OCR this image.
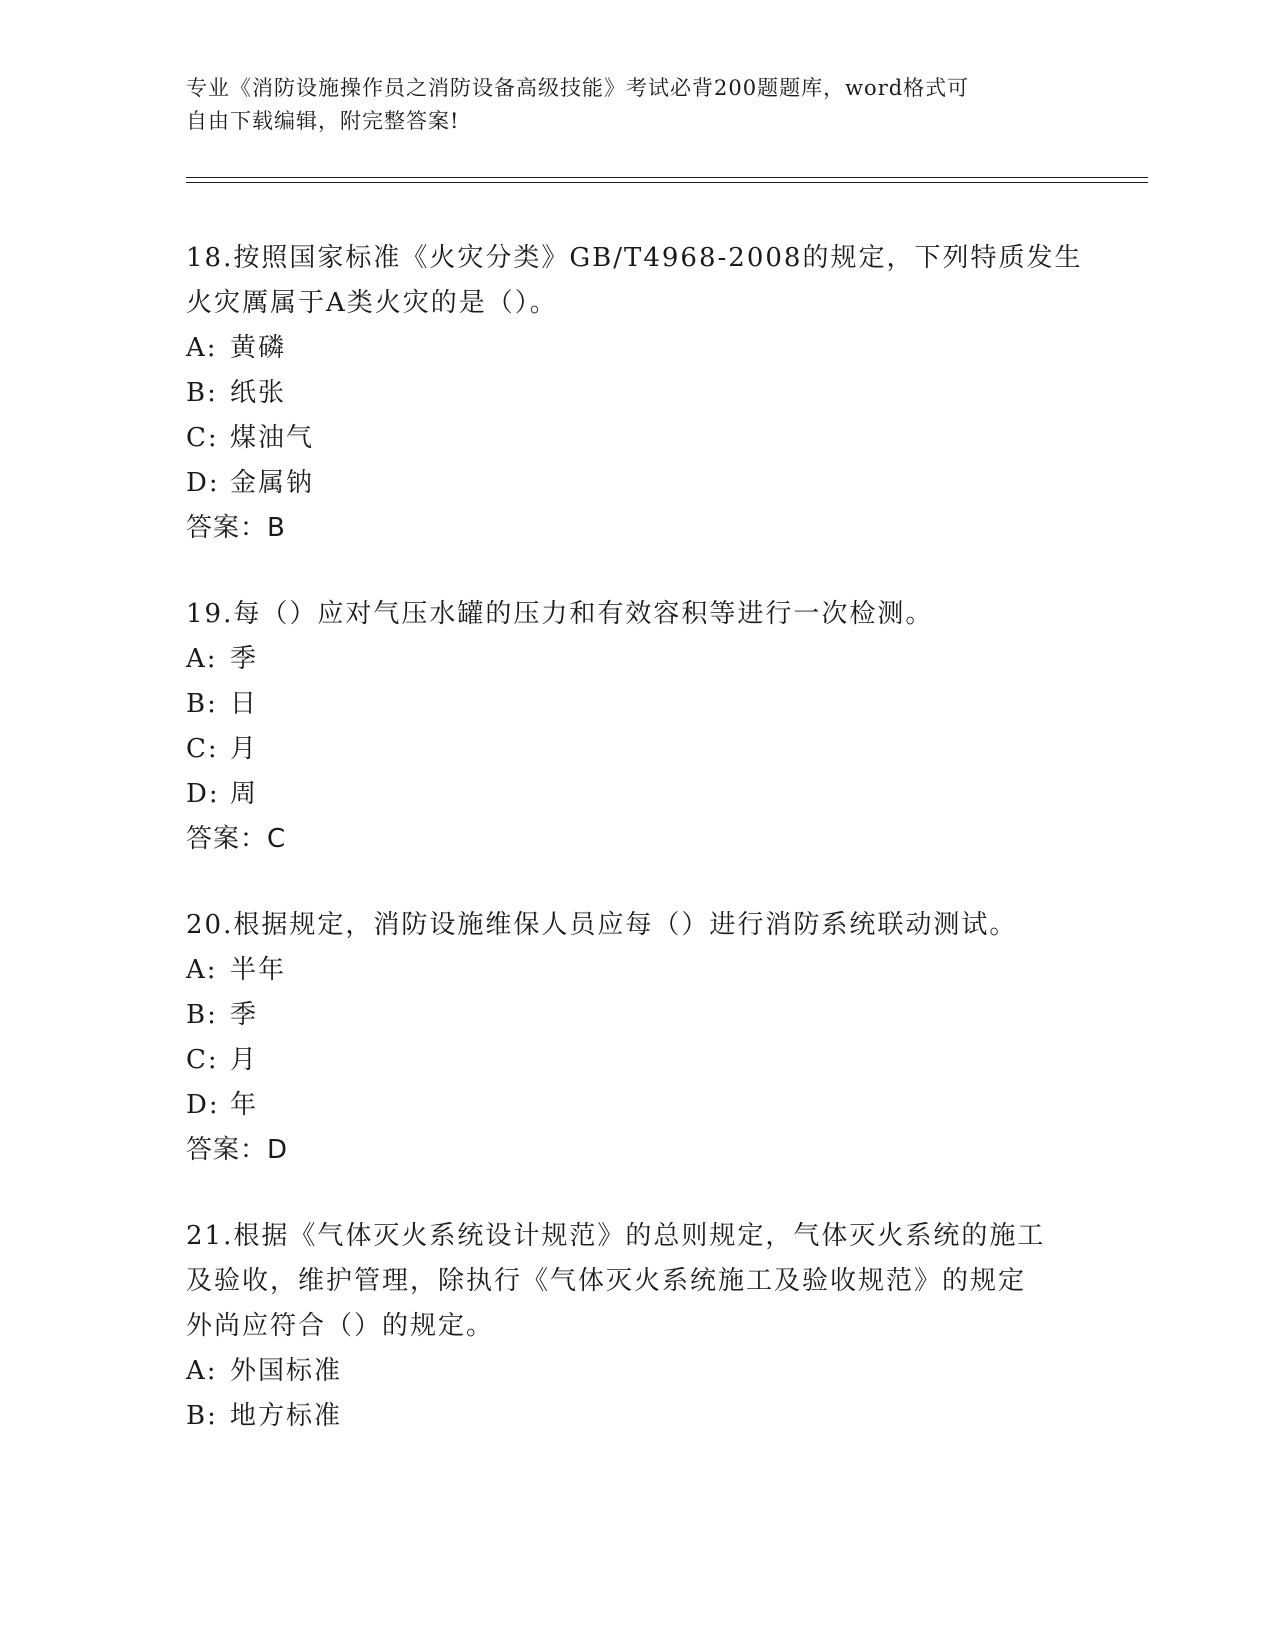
专业《消防设施操作员之消防设备高级技能》考试必背200题题库，word格式可
自由下载编辑，附完整答案!
18.按照国家标准《火灾分类》GB/T4968-2008的规定，下列特质发生
火灾厲属于A类火灾的是（）。
A: 黄磷
B: 纸张
C: 煤油气
D: 金属钠
答案：B
19.每（）应对气压水罐的压力和有效容积等进行一次检测。
A: 季
B: 日
C: 月
D: 周
答案：C
20.根据规定，消防设施维保人员应每（）进行消防系统联动测试。
A: 半年
B: 季
C: 月
D: 年
答案：D
21.根据《气体灭火系统设计规范》的总则规定，气体灭火系统的施工
及验收，维护管理，除执行《气体灭火系统施工及验收规范》的规定
外尚应符合（）的规定。
A: 外国标准
B: 地方标准
